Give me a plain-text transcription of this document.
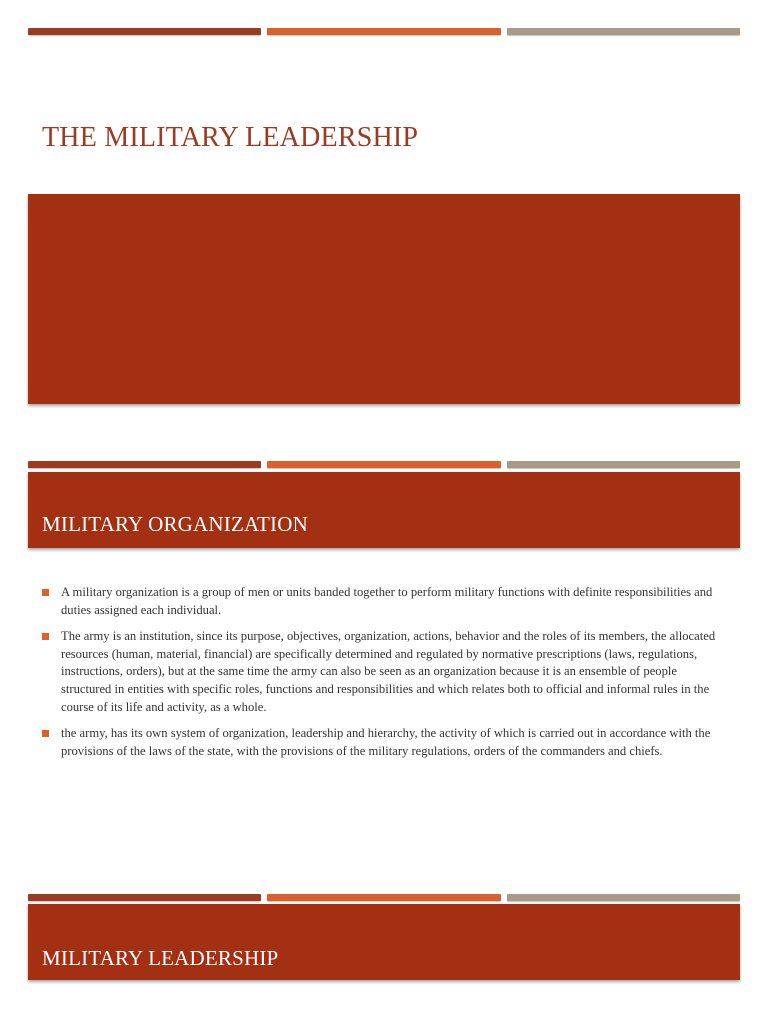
THE MILITARY LEADERSHIP
MILITARY ORGANIZATION
A military organization is a group of men or units banded together to perform military functions with definite responsibilities and duties assigned each individual.
The army is an institution, since its purpose, objectives, organization, actions, behavior and the roles of its members, the allocated resources (human, material, financial) are specifically determined and regulated by normative prescriptions (laws, regulations, instructions, orders), but at the same time the army can also be seen as an organization because it is an ensemble of people structured in entities with specific roles, functions and responsibilities and which relates both to official and informal rules in the course of its life and activity, as a whole.
the army, has its own system of organization, leadership and hierarchy, the activity of which is carried out in accordance with the provisions of the laws of the state, with the provisions of the military regulations, orders of the commanders and chiefs.
MILITARY LEADERSHIP
